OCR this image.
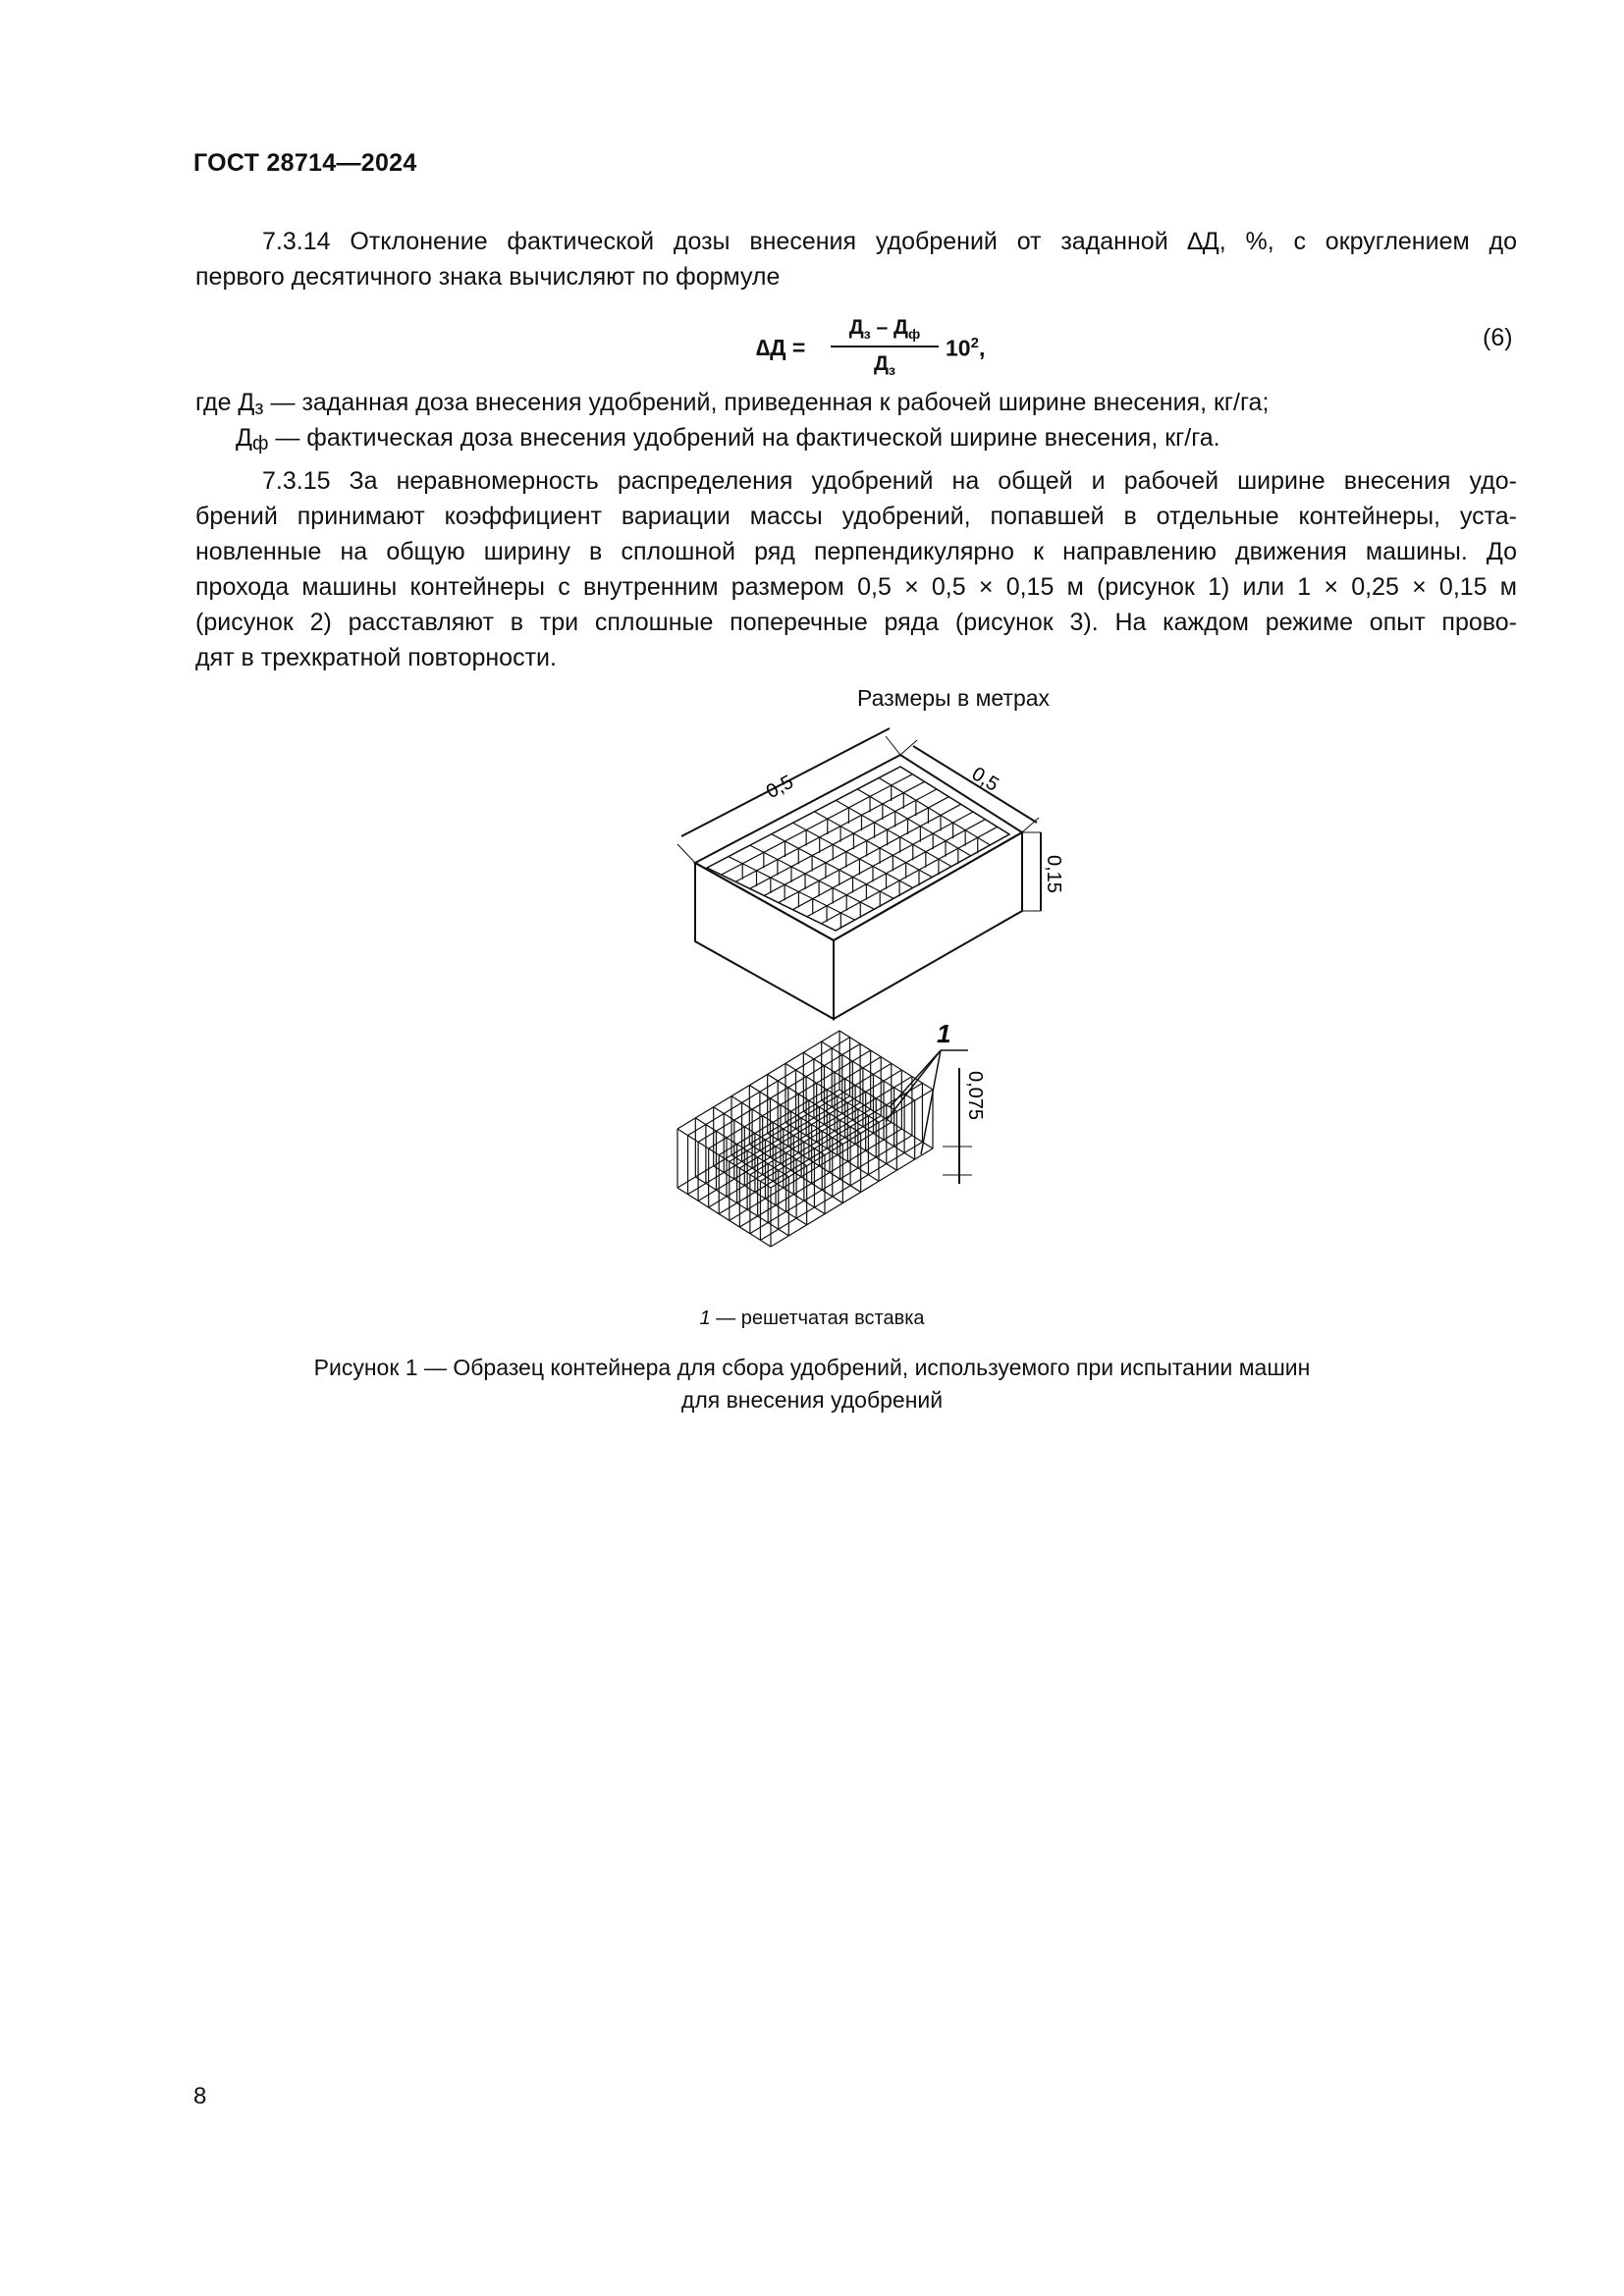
ГОСТ 28714—2024
7.3.14 Отклонение фактической дозы внесения удобрений от заданной ∆Д, %, с округлением до
первого десятичного знака вычисляют по формуле
∆Д =
$Д_з - Д_ф$
$Д_з$
$10^2$,	(6)
где $Д_з$ — заданная доза внесения удобрений, приведенная к рабочей ширине внесения, кг/га;
$Д_ф$ — фактическая доза внесения удобрений на фактической ширине внесения, кг/га.
7.3.15 За неравномерность распределения удобрений на общей и рабочей ширине внесения удо-
брений принимают коэффициент вариации массы удобрений, попавшей в отдельные контейнеры, уста-
новленные на общую ширину в сплошной ряд перпендикулярно к направлению движения машины. До
прохода машины контейнеры с внутренним размером 0,5 × 0,5 × 0,15 м (рисунок 1) или 1 × 0,25 × 0,15 м
(рисунок 2) расставляют в три сплошные поперечные ряда (рисунок 3). На каждом режиме опыт прово-
дят в трехкратной повторности.
Размеры в метрах
0,5	0,5
0,15
0,075
1
1 — решетчатая вставка
Рисунок 1 — Образец контейнера для сбора удобрений, используемого при испытании машин
для внесения удобрений
8
